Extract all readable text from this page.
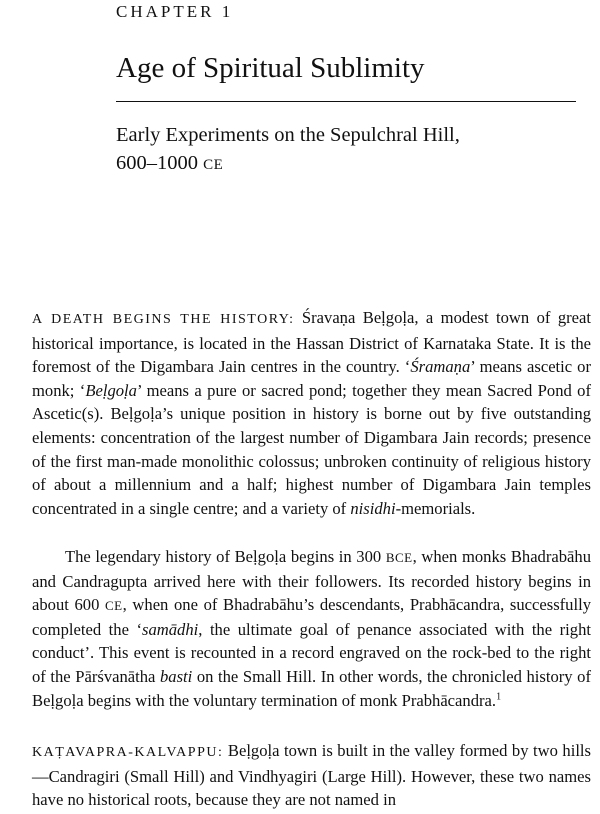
CHAPTER 1
Age of Spiritual Sublimity
Early Experiments on the Sepulchral Hill,
600–1000 CE

A DEATH BEGINS THE HISTORY: Śravaṇa Beḷgoḷa, a modest town of great historical importance, is located in the Hassan District of Karnataka State. It is the foremost of the Digambara Jain centres in the country. ‘Śramaṇa’ means ascetic or monk; ‘Beḷgoḷa’ means a pure or sacred pond; together they mean Sacred Pond of Ascetic(s). Beḷgoḷa’s unique position in history is borne out by five outstanding elements: concentration of the largest number of Digambara Jain records; presence of the first man-made monolithic colossus; unbroken continuity of religious history of about a millennium and a half; highest number of Digambara Jain temples concentrated in a single centre; and a variety of nisidhi-memorials.

The legendary history of Beḷgoḷa begins in 300 BCE, when monks Bhadrabāhu and Candragupta arrived here with their followers. Its recorded history begins in about 600 CE, when one of Bhadrabāhu’s descendants, Prabhācandra, successfully completed the ‘samādhi, the ultimate goal of penance associated with the right conduct’. This event is recounted in a record engraved on the rock-bed to the right of the Pārśvanātha basti on the Small Hill. In other words, the chronicled history of Beḷgoḷa begins with the voluntary termination of monk Prabhācandra.$^1$

KAṬAVAPRA-KALVAPPU: Beḷgoḷa town is built in the valley formed by two hills—Candragiri (Small Hill) and Vindhyagiri (Large Hill). However, these two names have no historical roots, because they are not named in
